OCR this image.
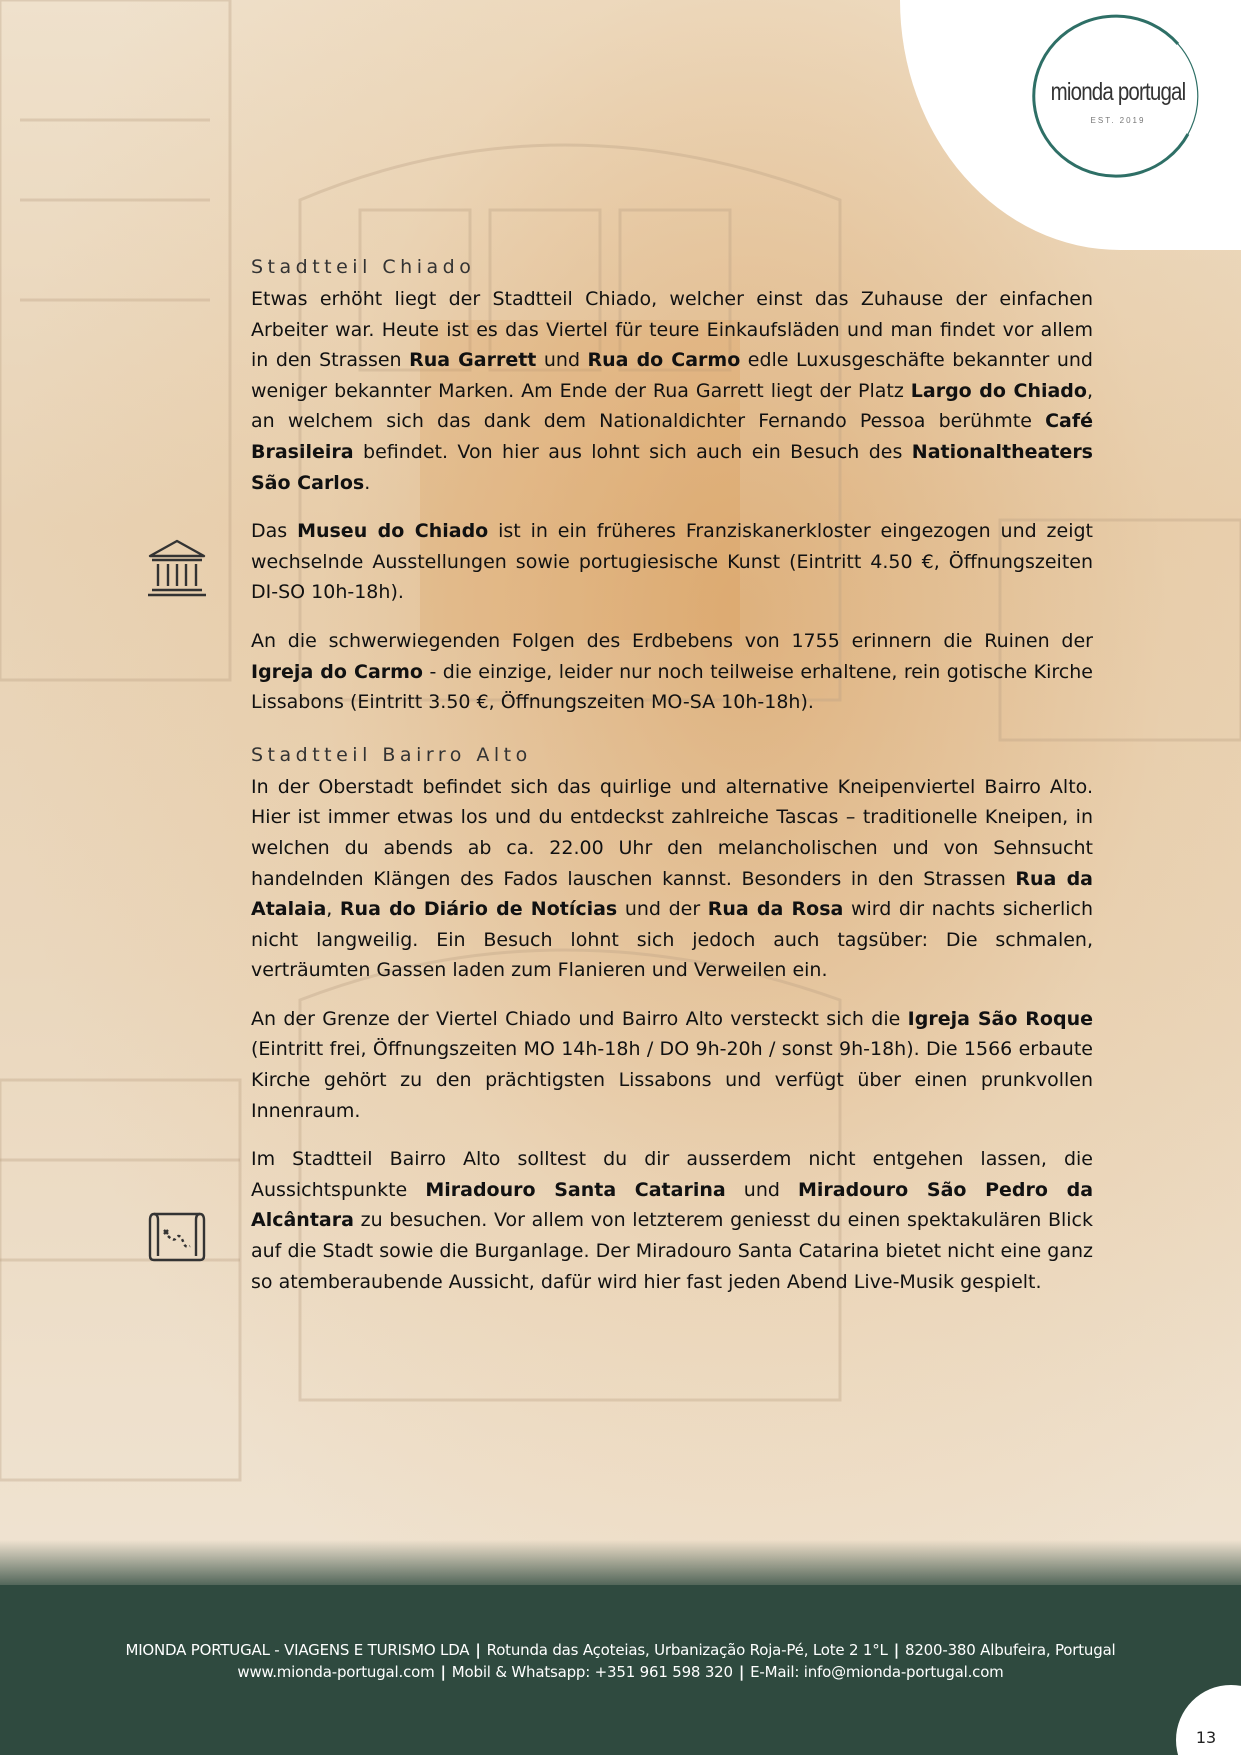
mionda portugal
EST. 2019
Stadtteil Chiado

Etwas erhöht liegt der Stadtteil Chiado, welcher einst das Zuhause der einfachen Arbeiter war. Heute ist es das Viertel für teure Einkaufsläden und man findet vor allem in den Strassen Rua Garrett und Rua do Carmo edle Luxusgeschäfte bekannter und weniger bekannter Marken. Am Ende der Rua Garrett liegt der Platz Largo do Chiado, an welchem sich das dank dem Nationaldichter Fernando Pessoa berühmte Café Brasileira befindet. Von hier aus lohnt sich auch ein Besuch des Nationaltheaters São Carlos.

Das Museu do Chiado ist in ein früheres Franziskanerkloster eingezogen und zeigt wechselnde Ausstellungen sowie portugiesische Kunst (Eintritt 4.50 €, Öffnungszeiten DI-SO 10h-18h).

An die schwerwiegenden Folgen des Erdbebens von 1755 erinnern die Ruinen der Igreja do Carmo - die einzige, leider nur noch teilweise erhaltene, rein gotische Kirche Lissabons (Eintritt 3.50 €, Öffnungszeiten MO-SA 10h-18h).

Stadtteil Bairro Alto

In der Oberstadt befindet sich das quirlige und alternative Kneipenviertel Bairro Alto. Hier ist immer etwas los und du entdeckst zahlreiche Tascas – traditionelle Kneipen, in welchen du abends ab ca. 22.00 Uhr den melancholischen und von Sehnsucht handelnden Klängen des Fados lauschen kannst. Besonders in den Strassen Rua da Atalaia, Rua do Diário de Notícias und der Rua da Rosa wird dir nachts sicherlich nicht langweilig. Ein Besuch lohnt sich jedoch auch tagsüber: Die schmalen, verträumten Gassen laden zum Flanieren und Verweilen ein.

An der Grenze der Viertel Chiado und Bairro Alto versteckt sich die Igreja São Roque (Eintritt frei, Öffnungszeiten MO 14h-18h / DO 9h-20h / sonst 9h-18h). Die 1566 erbaute Kirche gehört zu den prächtigsten Lissabons und verfügt über einen prunkvollen Innenraum.

Im Stadtteil Bairro Alto solltest du dir ausserdem nicht entgehen lassen, die Aussichtspunkte Miradouro Santa Catarina und Miradouro São Pedro da Alcântara zu besuchen. Vor allem von letzterem geniesst du einen spektakulären Blick auf die Stadt sowie die Burganlage. Der Miradouro Santa Catarina bietet nicht eine ganz so atemberaubende Aussicht, dafür wird hier fast jeden Abend Live-Musik gespielt.

MIONDA PORTUGAL - VIAGENS E TURISMO LDA | Rotunda das Açoteias, Urbanização Roja-Pé, Lote 2 1°L | 8200-380 Albufeira, Portugal
www.mionda-portugal.com | Mobil & Whatsapp: +351 961 598 320 | E-Mail: info@mionda-portugal.com
13
